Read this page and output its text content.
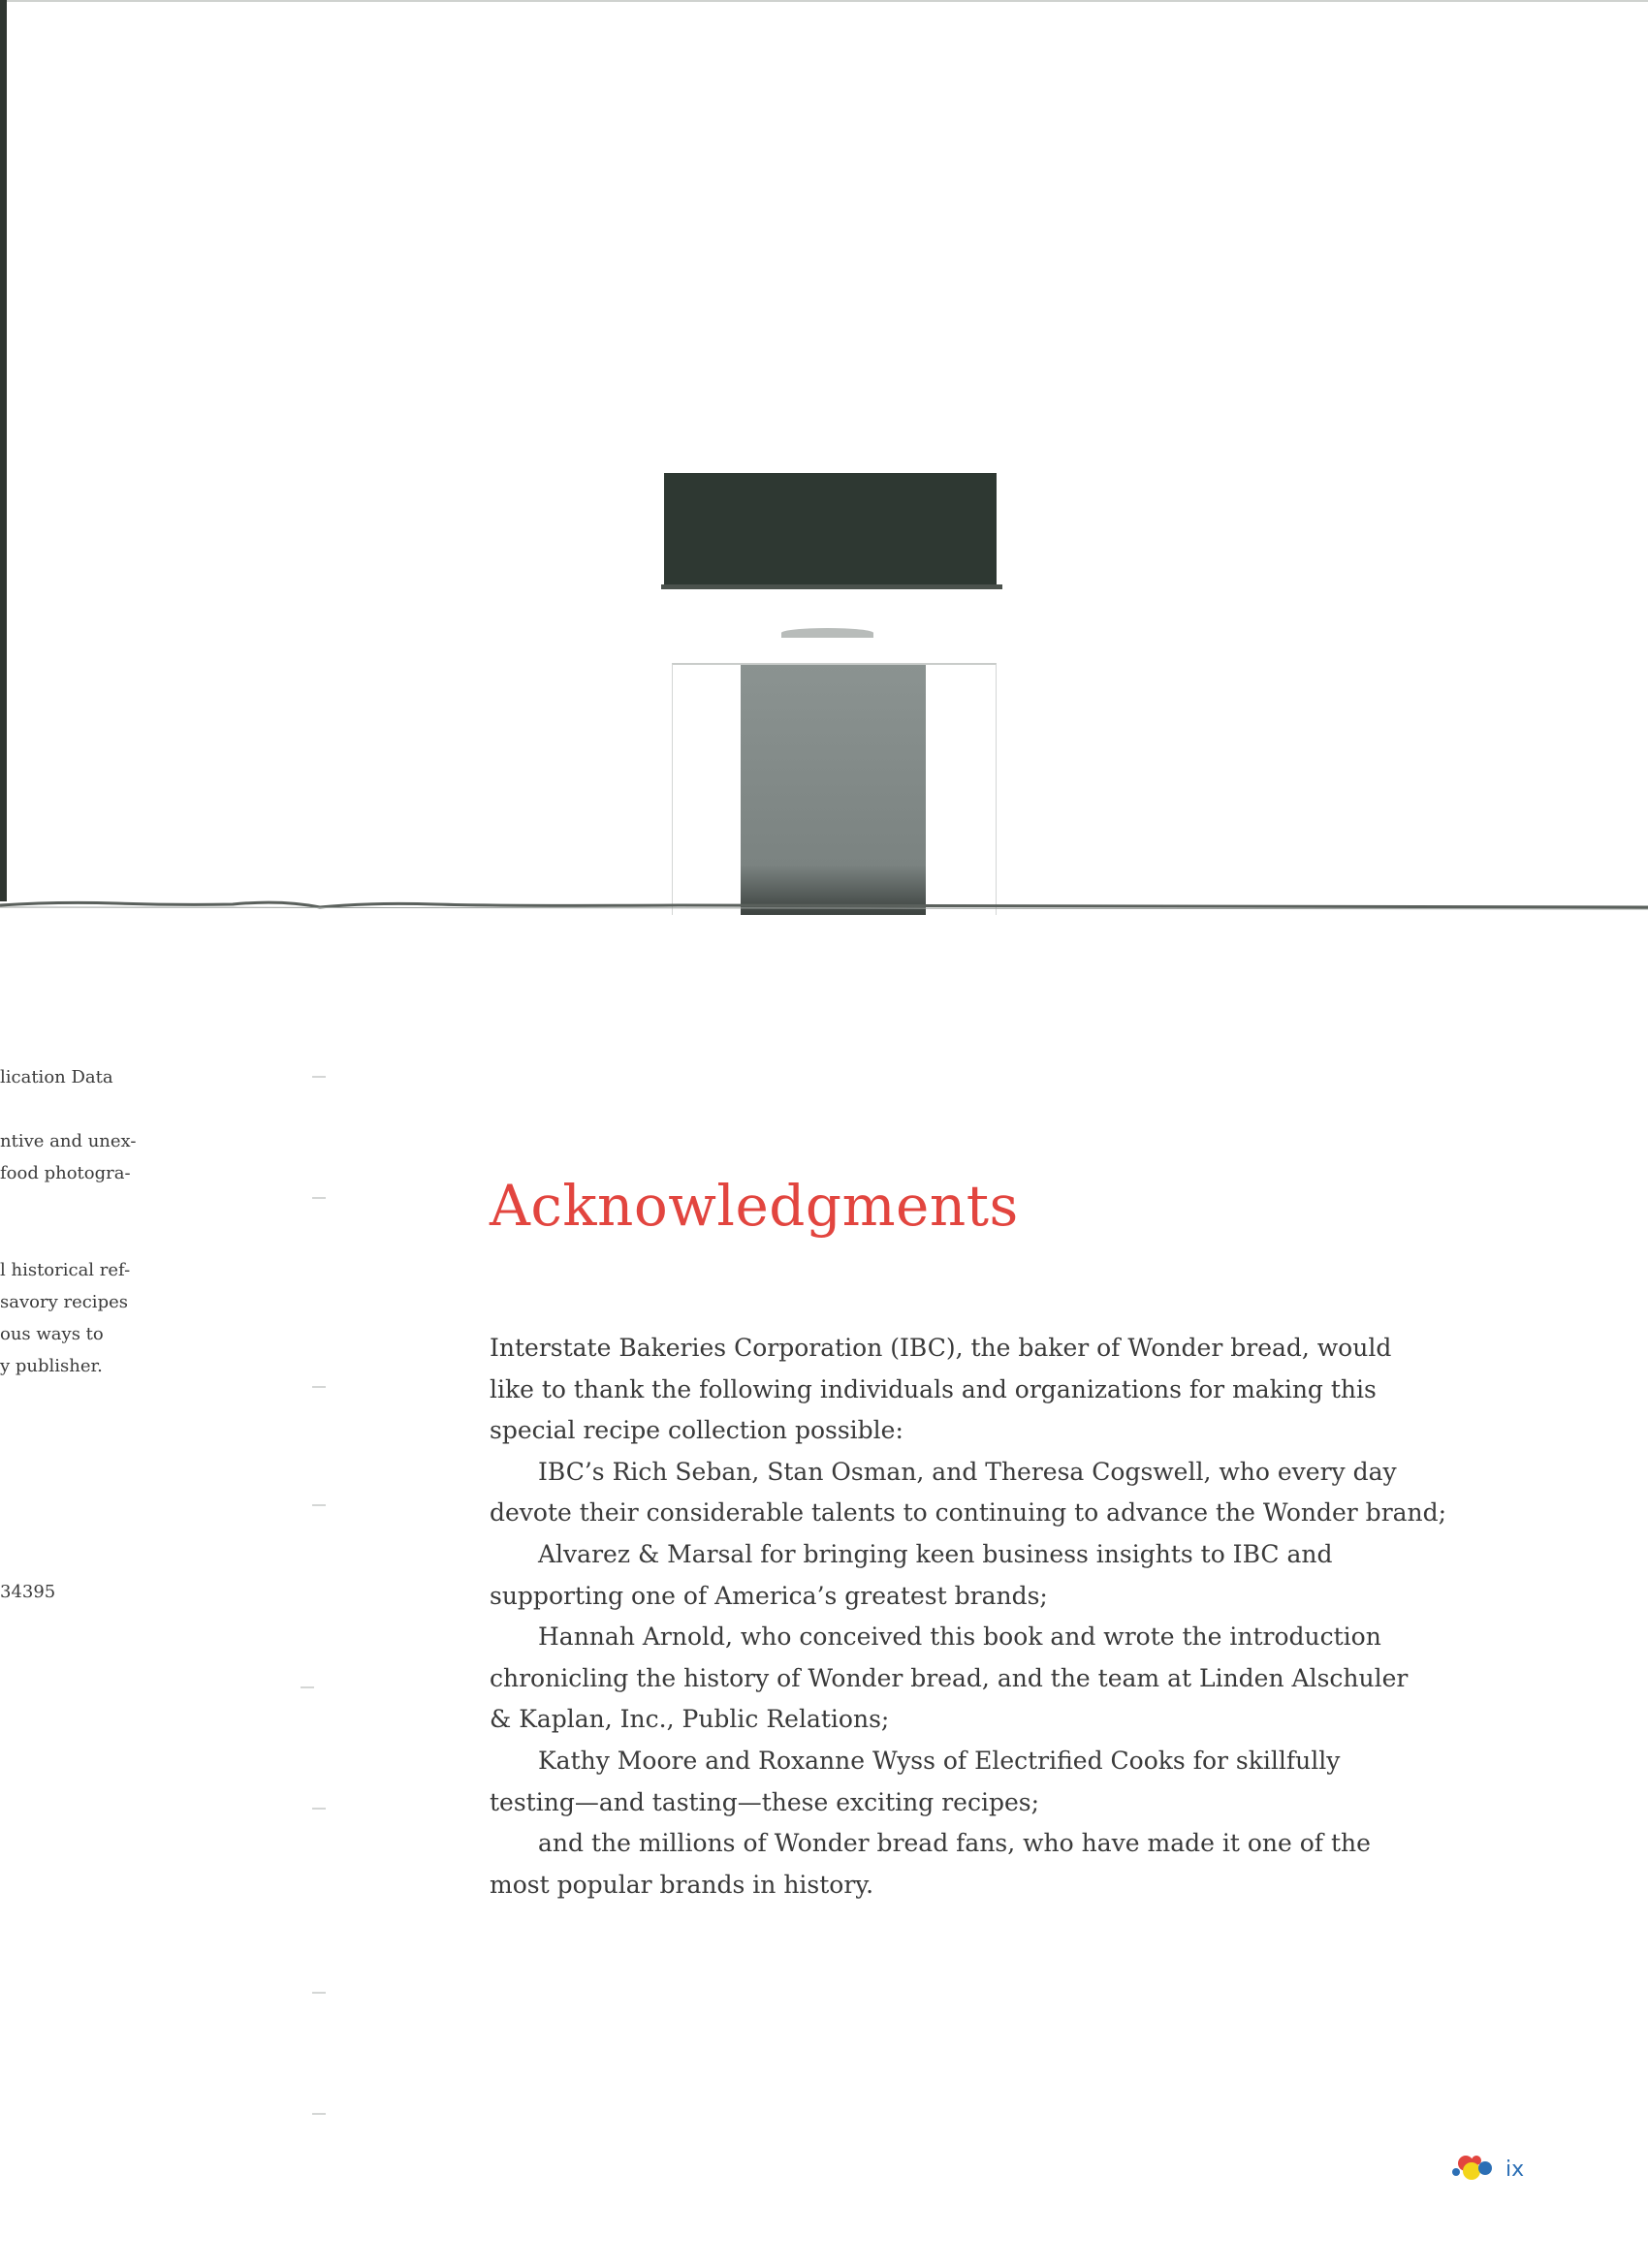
lication Data
ntive and unex-
food photogra-
l historical ref-
savory recipes
ous ways to
y publisher.
34395
Acknowledgments

Interstate Bakeries Corporation (IBC), the baker of Wonder bread, would

like to thank the following individuals and organizations for making this

special recipe collection possible:

IBC’s Rich Seban, Stan Osman, and Theresa Cogswell, who every day

devote their considerable talents to continuing to advance the Wonder brand;

Alvarez & Marsal for bringing keen business insights to IBC and

supporting one of America’s greatest brands;

Hannah Arnold, who conceived this book and wrote the introduction

chronicling the history of Wonder bread, and the team at Linden Alschuler

& Kaplan, Inc., Public Relations;

Kathy Moore and Roxanne Wyss of Electrified Cooks for skillfully

testing—and tasting—these exciting recipes;

and the millions of Wonder bread fans, who have made it one of the

most popular brands in history.

ix
